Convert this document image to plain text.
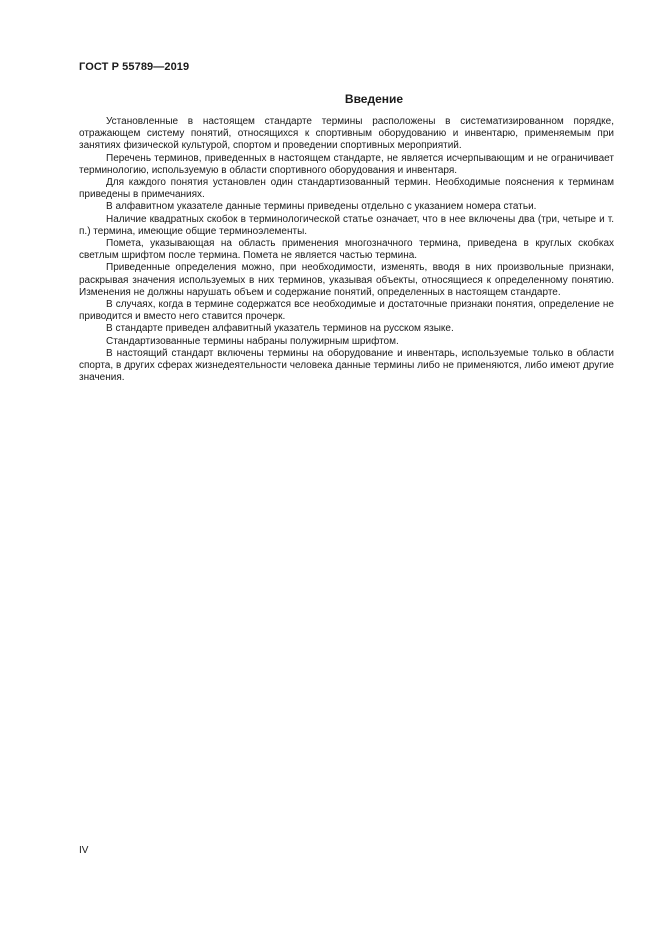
ГОСТ Р 55789—2019
Введение

Установленные в настоящем стандарте термины расположены в систематизированном порядке, отражающем систему понятий, относящихся к спортивным оборудованию и инвентарю, применяемым при занятиях физической культурой, спортом и проведении спортивных мероприятий.

Перечень терминов, приведенных в настоящем стандарте, не является исчерпывающим и не ограничивает терминологию, используемую в области спортивного оборудования и инвентаря.

Для каждого понятия установлен один стандартизованный термин. Необходимые пояснения к терминам приведены в примечаниях.

В алфавитном указателе данные термины приведены отдельно с указанием номера статьи.

Наличие квадратных скобок в терминологической статье означает, что в нее включены два (три, четыре и т. п.) термина, имеющие общие терминоэлементы.

Помета, указывающая на область применения многозначного термина, приведена в круглых скобках светлым шрифтом после термина. Помета не является частью термина.

Приведенные определения можно, при необходимости, изменять, вводя в них произвольные признаки, раскрывая значения используемых в них терминов, указывая объекты, относящиеся к определенному понятию. Изменения не должны нарушать объем и содержание понятий, определенных в настоящем стандарте.

В случаях, когда в термине содержатся все необходимые и достаточные признаки понятия, определение не приводится и вместо него ставится прочерк.

В стандарте приведен алфавитный указатель терминов на русском языке.

Стандартизованные термины набраны полужирным шрифтом.

В настоящий стандарт включены термины на оборудование и инвентарь, используемые только в области спорта, в других сферах жизнедеятельности человека данные термины либо не применяются, либо имеют другие значения.

IV
